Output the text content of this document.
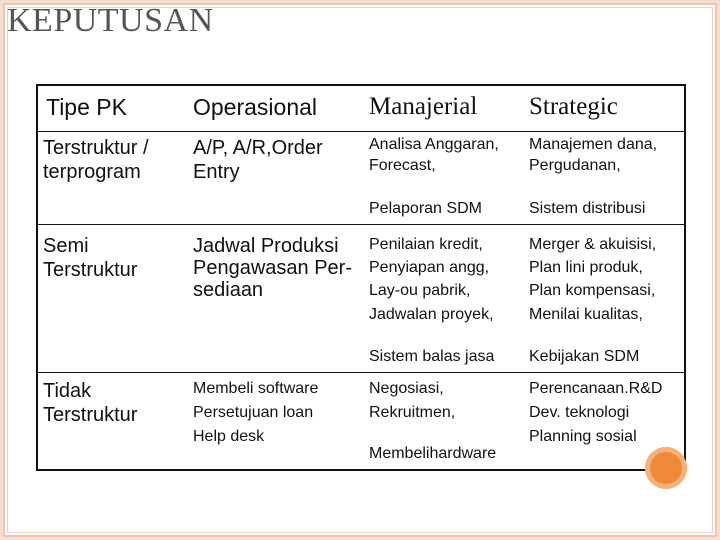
KEPUTUSAN
Tipe PK	Operasional Manajerial Strategic
Terstruktur /
terprogram
A/P, A/R,Order
Entry
Analisa Anggaran,
Forecast,
Pelaporan SDM
Manajemen dana,
Pergudanan,
Sistem distribusi
Semi
Terstruktur
Jadwal Produksi
Pengawasan Per-
sediaan
Penilaian kredit,
Penyiapan angg,
Lay-ou pabrik,
Jadwalan proyek,
Sistem balas jasa
Merger & akuisisi,
Plan lini produk,
Plan kompensasi,
Menilai kualitas,
Kebijakan SDM
Tidak
Terstruktur
Membeli software
Persetujuan loan
Help desk
Negosiasi,
Rekruitmen,
Membelihardware
Perencanaan.R&D
Dev. teknologi
Planning sosial
